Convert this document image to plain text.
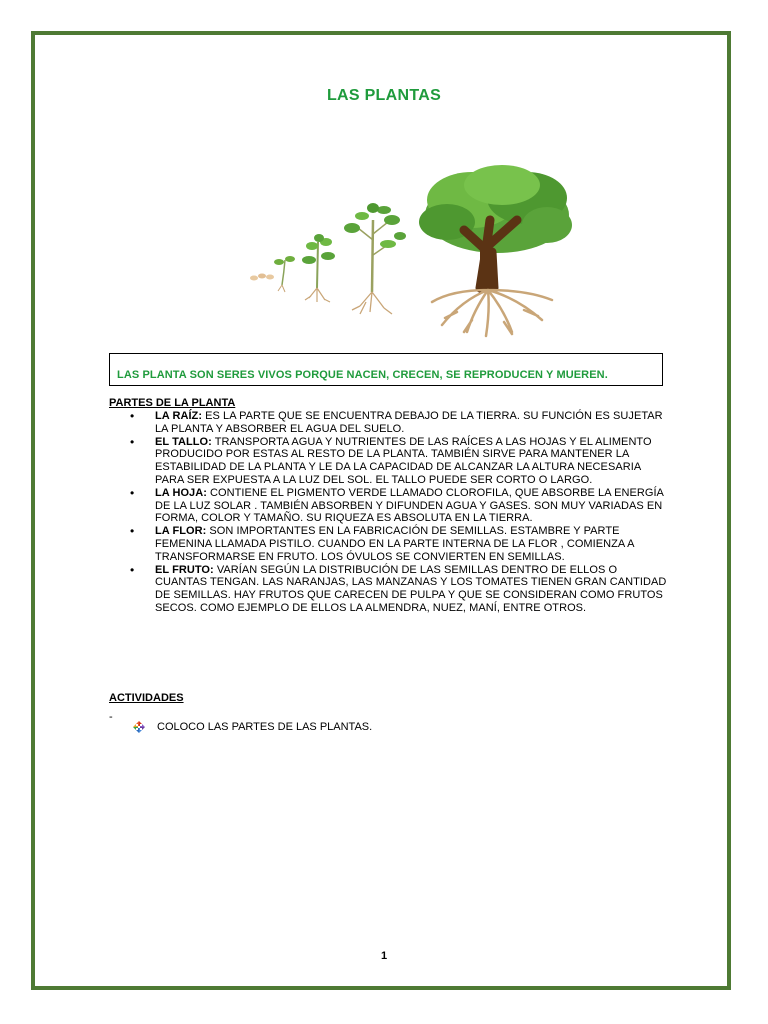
LAS PLANTAS
LAS PLANTA SON SERES VIVOS PORQUE NACEN, CRECEN, SE REPRODUCEN Y MUEREN.
PARTES DE LA PLANTA
• LA RAÍZ: ES LA PARTE QUE SE ENCUENTRA DEBAJO DE LA TIERRA. SU FUNCIÓN ES SUJETAR LA PLANTA Y ABSORBER EL AGUA DEL SUELO.
• EL TALLO: TRANSPORTA AGUA Y NUTRIENTES DE LAS RAÍCES A LAS HOJAS Y EL ALIMENTO PRODUCIDO POR ESTAS AL RESTO DE LA PLANTA. TAMBIÉN SIRVE PARA MANTENER LA ESTABILIDAD DE LA PLANTA Y LE DA LA CAPACIDAD DE ALCANZAR LA ALTURA NECESARIA PARA SER EXPUESTA A LA LUZ DEL SOL. EL TALLO PUEDE SER CORTO O LARGO.
• LA HOJA: CONTIENE EL PIGMENTO VERDE LLAMADO CLOROFILA, QUE ABSORBE LA ENERGÍA DE LA LUZ SOLAR . TAMBIÉN ABSORBEN Y DIFUNDEN AGUA Y GASES. SON MUY VARIADAS EN FORMA, COLOR Y TAMAÑO. SU RIQUEZA ES ABSOLUTA EN LA TIERRA.
• LA FLOR: SON IMPORTANTES EN LA FABRICACIÓN DE SEMILLAS. ESTAMBRE Y PARTE FEMENINA LLAMADA PISTILO. CUANDO EN LA PARTE INTERNA DE LA FLOR , COMIENZA A TRANSFORMARSE EN FRUTO. LOS ÓVULOS SE CONVIERTEN EN SEMILLAS.
• EL FRUTO: VARÍAN SEGÚN LA DISTRIBUCIÓN DE LAS SEMILLAS DENTRO DE ELLOS O CUANTAS TENGAN. LAS NARANJAS, LAS MANZANAS Y LOS TOMATES TIENEN GRAN CANTIDAD DE SEMILLAS. HAY FRUTOS QUE CARECEN DE PULPA Y QUE SE CONSIDERAN COMO FRUTOS SECOS. COMO EJEMPLO DE ELLOS LA ALMENDRA, NUEZ, MANÍ, ENTRE OTROS.
ACTIVIDADES
-
COLOCO LAS PARTES DE LAS PLANTAS.
1
